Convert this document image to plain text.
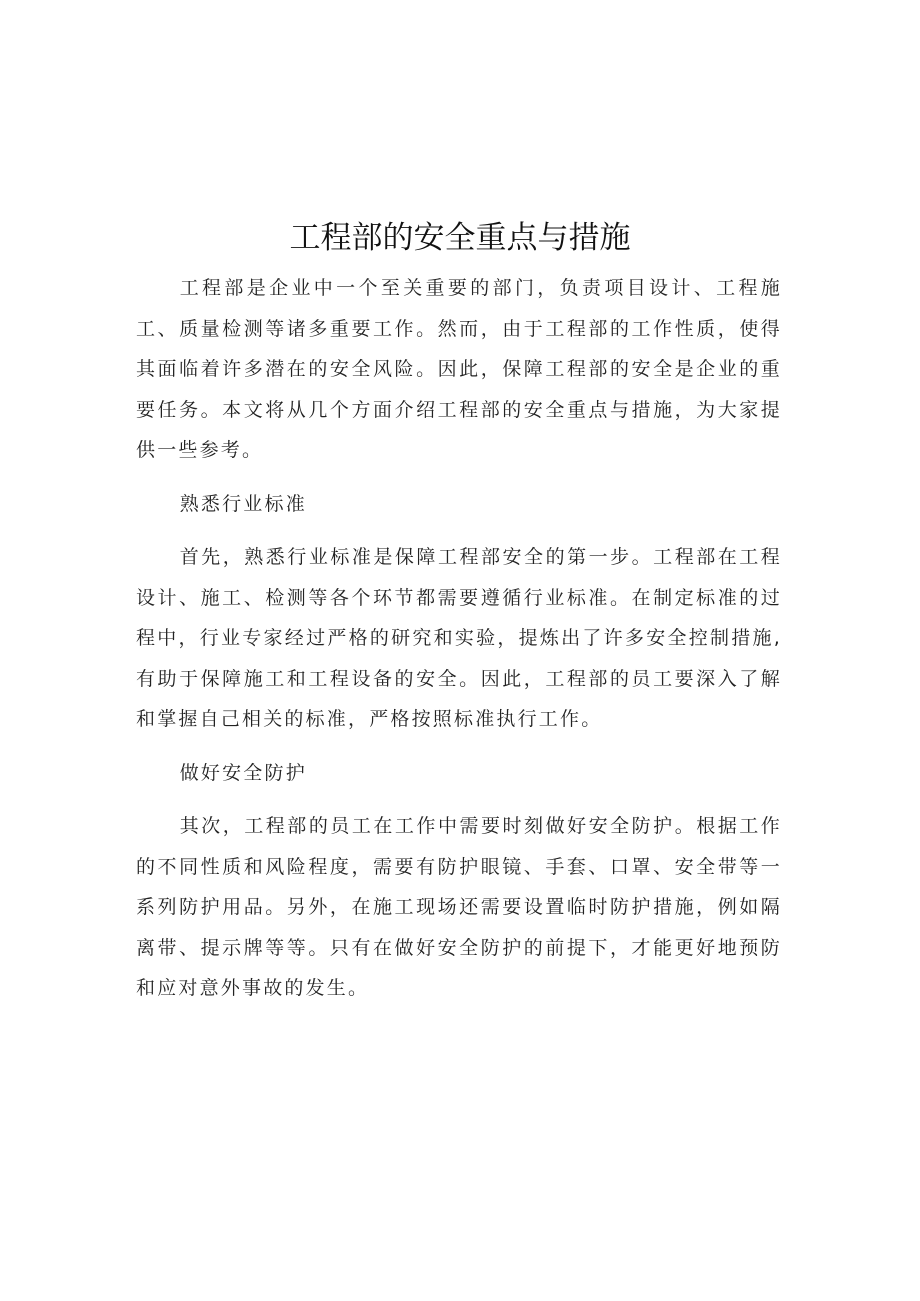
工程部的安全重点与措施

工程部是企业中一个至关重要的部门，负责项目设计、工程施工、质量检测等诸多重要工作。然而，由于工程部的工作性质，使得其面临着许多潜在的安全风险。因此，保障工程部的安全是企业的重要任务。本文将从几个方面介绍工程部的安全重点与措施，为大家提供一些参考。

熟悉行业标准

首先，熟悉行业标准是保障工程部安全的第一步。工程部在工程设计、施工、检测等各个环节都需要遵循行业标准。在制定标准的过程中，行业专家经过严格的研究和实验，提炼出了许多安全控制措施,有助于保障施工和工程设备的安全。因此，工程部的员工要深入了解和掌握自己相关的标准，严格按照标准执行工作。

做好安全防护

其次，工程部的员工在工作中需要时刻做好安全防护。根据工作的不同性质和风险程度，需要有防护眼镜、手套、口罩、安全带等一系列防护用品。另外，在施工现场还需要设置临时防护措施，例如隔离带、提示牌等等。只有在做好安全防护的前提下，才能更好地预防和应对意外事故的发生。
